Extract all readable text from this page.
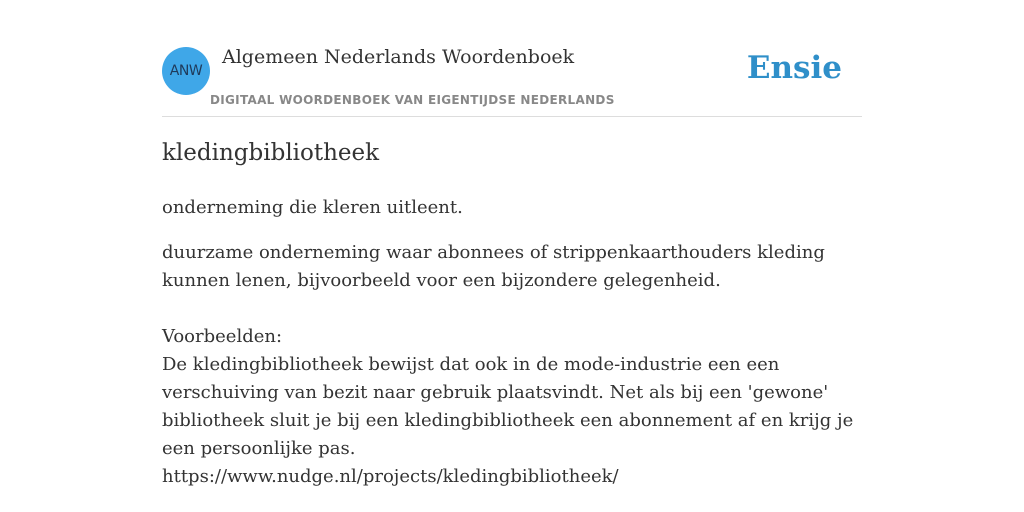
ANW
Algemeen Nederlands Woordenboek
DIGITAAL WOORDENBOEK VAN EIGENTIJDSE NEDERLANDS
Ensie
kledingbibliotheek
onderneming die kleren uitleent.

duurzame onderneming waar abonnees of strippenkaarthouders kleding kunnen lenen, bijvoorbeeld voor een bijzondere gelegenheid.

Voorbeelden:

De kledingbibliotheek bewijst dat ook in de mode-industrie een een verschuiving van bezit naar gebruik plaatsvindt. Net als bij een 'gewone' bibliotheek sluit je bij een kledingbibliotheek een abonnement af en krijg je een persoonlijke pas.

https://www.nudge.nl/projects/kledingbibliotheek/
